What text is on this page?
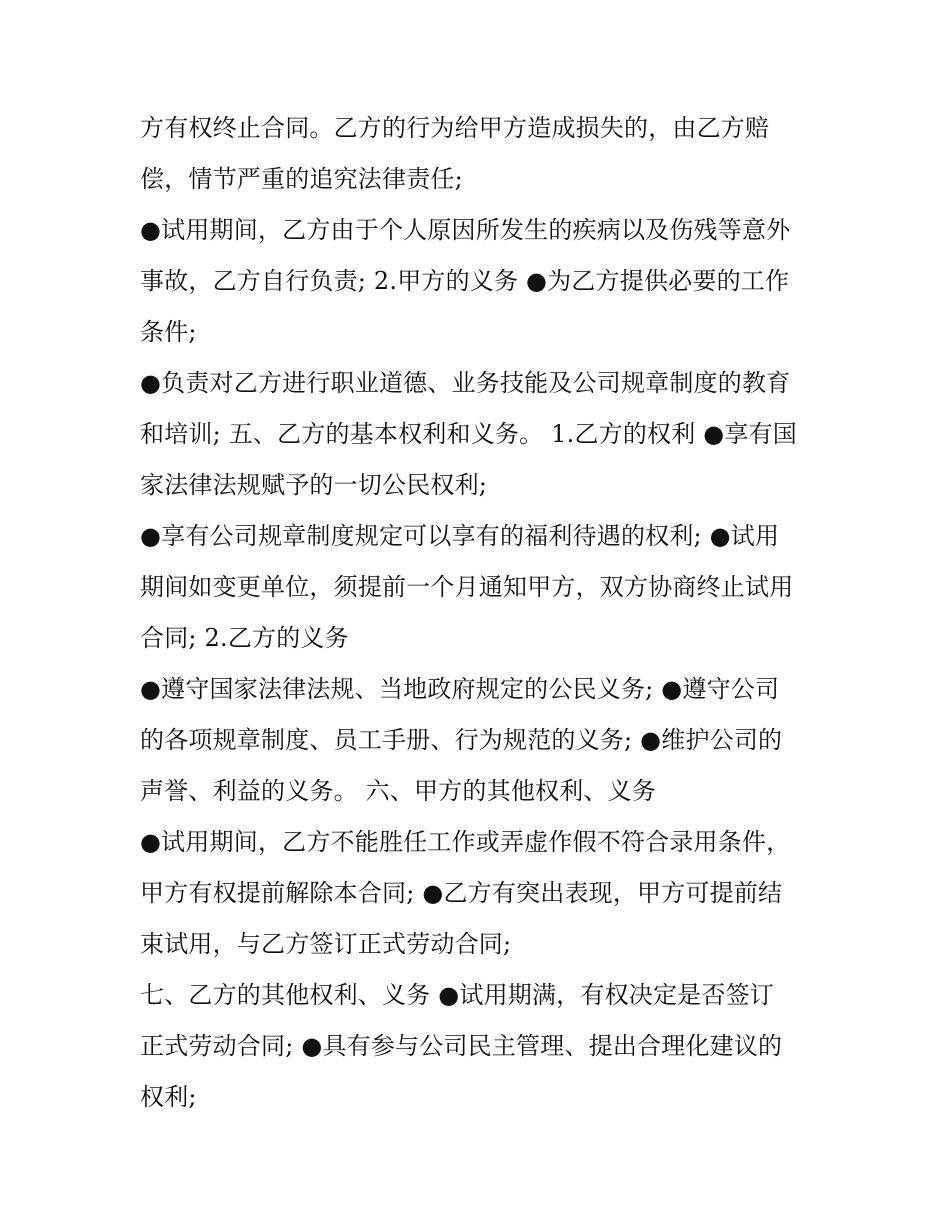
方有权终止合同。乙方的行为给甲方造成损失的，由乙方赔
偿，情节严重的追究法律责任;
●试用期间，乙方由于个人原因所发生的疾病以及伤残等意外
事故，乙方自行负责; 2.甲方的义务 ●为乙方提供必要的工作
条件;
●负责对乙方进行职业道德、业务技能及公司规章制度的教育
和培训; 五、乙方的基本权利和义务。 1.乙方的权利 ●享有国
家法律法规赋予的一切公民权利;
●享有公司规章制度规定可以享有的福利待遇的权利; ●试用
期间如变更单位，须提前一个月通知甲方，双方协商终止试用
合同; 2.乙方的义务
●遵守国家法律法规、当地政府规定的公民义务; ●遵守公司
的各项规章制度、员工手册、行为规范的义务; ●维护公司的
声誉、利益的义务。 六、甲方的其他权利、义务
●试用期间，乙方不能胜任工作或弄虚作假不符合录用条件，
甲方有权提前解除本合同; ●乙方有突出表现，甲方可提前结
束试用，与乙方签订正式劳动合同;
七、乙方的其他权利、义务 ●试用期满，有权决定是否签订
正式劳动合同; ●具有参与公司民主管理、提出合理化建议的
权利;
